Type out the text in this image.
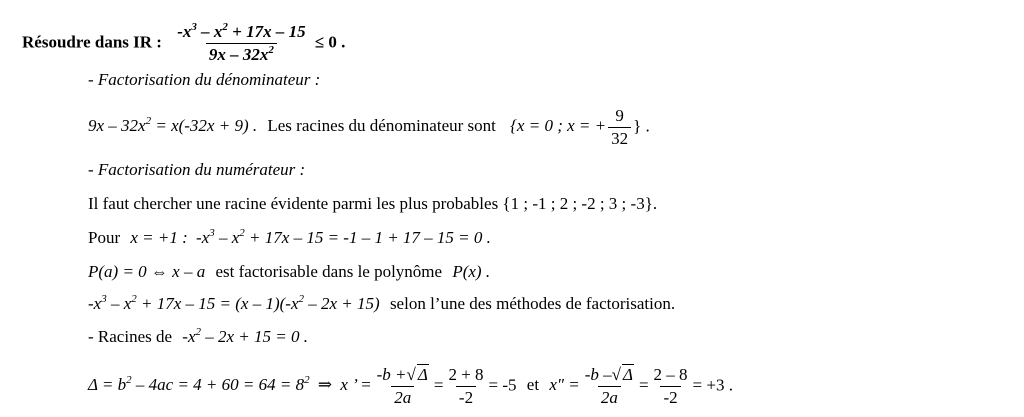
Résoudre dans IR : $\frac{-x^3 - x^2 + 17x - 15}{9x - 32x^2} \le 0$ .
- Factorisation du dénominateur :
$9x - 32x^2 = x(-32x + 9)$ . Les racines du dénominateur sont {x = 0 ; x = + $\frac{9}{32}$ } .
- Factorisation du numérateur :
Il faut chercher une racine évidente parmi les plus probables {1 ; -1 ; 2 ; -2 ; 3 ; -3}.
Pour x = +1 : $-x^3 - x^2 + 17x - 15 = -1 - 1 + 17 - 15 = 0$ .
P(a) = 0 ⇔ x – a est factorisable dans le polynôme P(x) .
$-x^3 - x^2 + 17x - 15 = (x - 1)(-x^2 - 2x + 15)$ selon l’une des méthodes de factorisation.
- Racines de $-x^2 - 2x + 15 = 0$ .
$\Delta = b^2 - 4ac = 4 + 60 = 64 = 8^2$ ⇒ x ’ = $\frac{-b +√ \Delta}{2a} = \frac{2 + 8}{-2} = -5$ et $x'' = \frac{-b -√ \Delta}{2a} = \frac{2 - 8}{-2} = +3$ .
